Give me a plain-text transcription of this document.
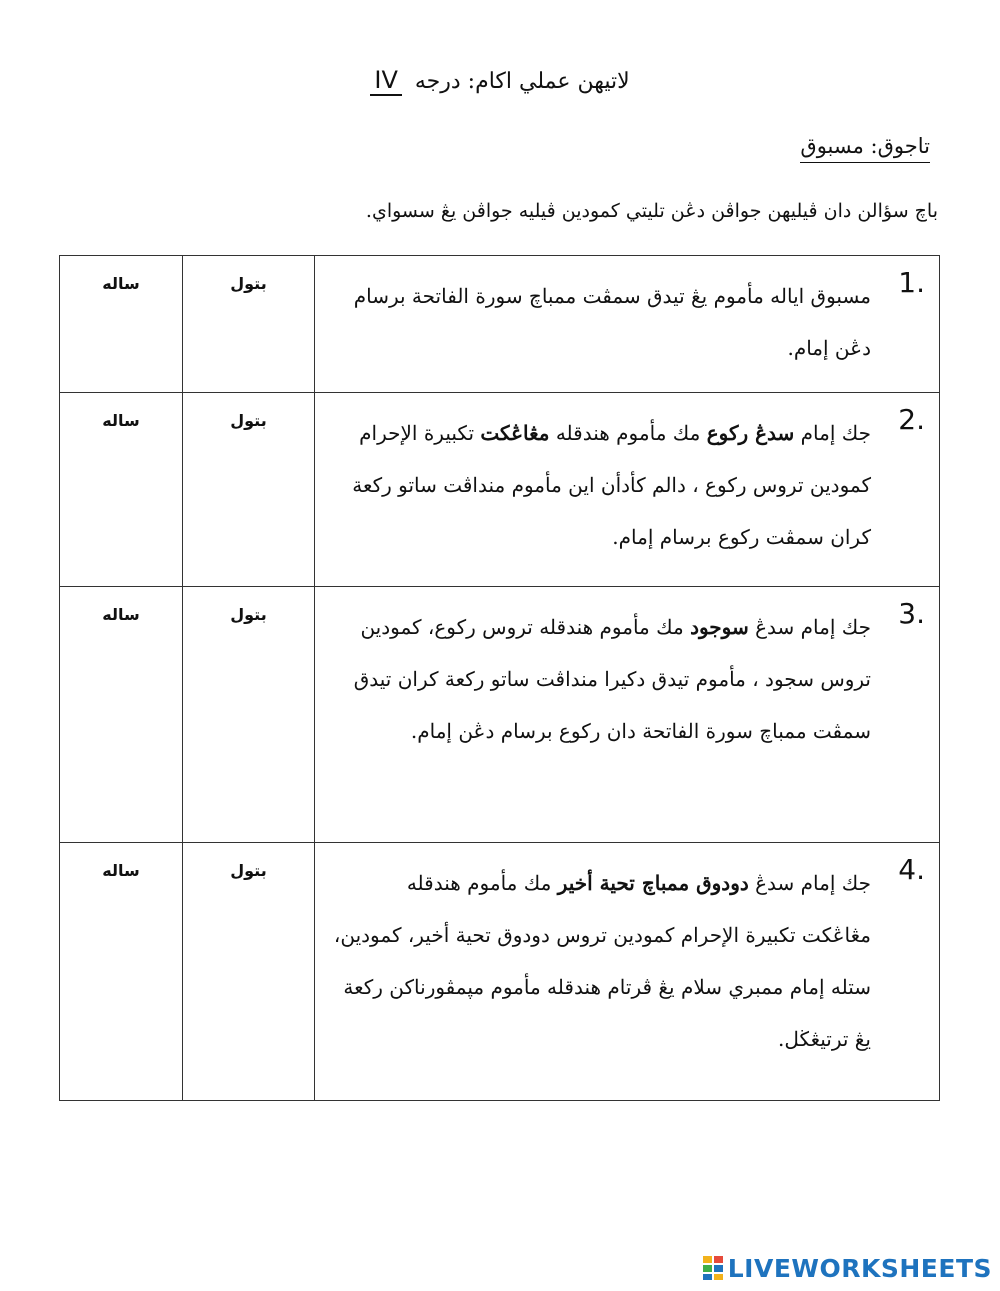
لاتيهن عملي اكام: درجه IV
تاجوق: مسبوق
باچ سؤالن دان ڤيليهن جواڤن دڠن تليتي كمودين ڤيليه جواڤن يڠ سسواي.
ساله	بتول	1.
مسبوق اياله مأموم يڠ تيدق سمڤت ممباچ سورة الفاتحة برسام دڠن إمام.

ساله	بتول	2.
جك إمام سدڠ ركوع مك مأموم هندقله مڠاڠكت تكبيرة الإحرام كمودين تروس ركوع ، دالم كأدأن اين مأموم منداڤت ساتو ركعة كران سمڤت ركوع برسام إمام.

ساله	بتول	3.
جك إمام سدڠ سوجود مك مأموم هندقله تروس ركوع، كمودين تروس سجود ، مأموم تيدق دكيرا منداڤت ساتو ركعة كران تيدق سمڤت ممباچ سورة الفاتحة دان ركوع برسام دڠن إمام.

ساله	بتول	4.
جك إمام سدڠ دودوق ممباچ تحية أخير مك مأموم هندقله مڠاڠكت تكبيرة الإحرام كمودين تروس دودوق تحية أخير، كمودين، ستله إمام ممبري سلام يڠ ڤرتام هندقله مأموم مپمڤورناكن ركعة يڠ ترتيڠڬل.
LIVEWORKSHEETS
